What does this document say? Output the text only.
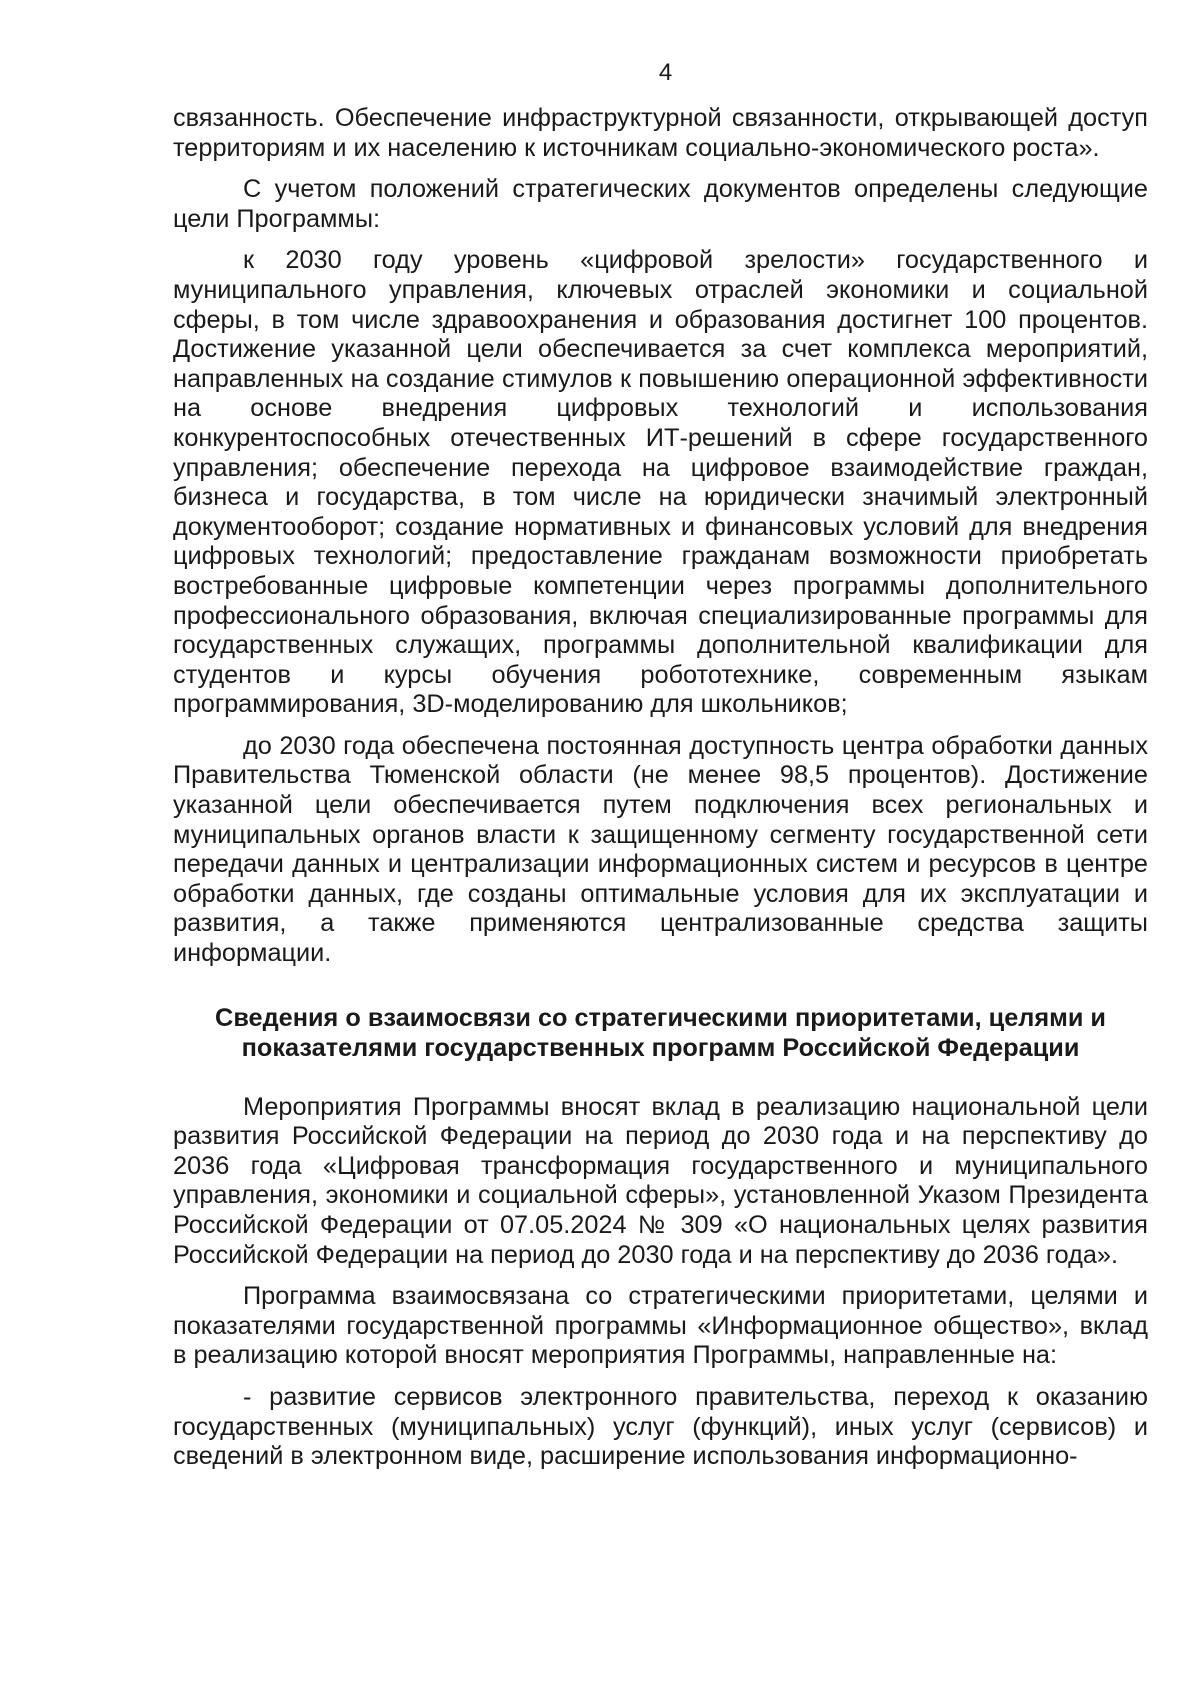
4

связанность. Обеспечение инфраструктурной связанности, открывающей доступ территориям и их населению к источникам социально-экономического роста».

С учетом положений стратегических документов определены следующие цели Программы:

к 2030 году уровень «цифровой зрелости» государственного и муниципального управления, ключевых отраслей экономики и социальной сферы, в том числе здравоохранения и образования достигнет 100 процентов. Достижение указанной цели обеспечивается за счет комплекса мероприятий, направленных на создание стимулов к повышению операционной эффективности на основе внедрения цифровых технологий и использования конкурентоспособных отечественных ИТ-решений в сфере государственного управления; обеспечение перехода на цифровое взаимодействие граждан, бизнеса и государства, в том числе на юридически значимый электронный документооборот; создание нормативных и финансовых условий для внедрения цифровых технологий; предоставление гражданам возможности приобретать востребованные цифровые компетенции через программы дополнительного профессионального образования, включая специализированные программы для государственных служащих, программы дополнительной квалификации для студентов и курсы обучения робототехнике, современным языкам программирования, 3D-моделированию для школьников;

до 2030 года обеспечена постоянная доступность центра обработки данных Правительства Тюменской области (не менее 98,5 процентов). Достижение указанной цели обеспечивается путем подключения всех региональных и муниципальных органов власти к защищенному сегменту государственной сети передачи данных и централизации информационных систем и ресурсов в центре обработки данных, где созданы оптимальные условия для их эксплуатации и развития, а также применяются централизованные средства защиты информации.

Сведения о взаимосвязи со стратегическими приоритетами, целями и
показателями государственных программ Российской Федерации

Мероприятия Программы вносят вклад в реализацию национальной цели развития Российской Федерации на период до 2030 года и на перспективу до 2036 года «Цифровая трансформация государственного и муниципального управления, экономики и социальной сферы», установленной Указом Президента Российской Федерации от 07.05.2024 № 309 «О национальных целях развития Российской Федерации на период до 2030 года и на перспективу до 2036 года».

Программа взаимосвязана со стратегическими приоритетами, целями и показателями государственной программы «Информационное общество», вклад в реализацию которой вносят мероприятия Программы, направленные на:

- развитие сервисов электронного правительства, переход к оказанию государственных (муниципальных) услуг (функций), иных услуг (сервисов) и сведений в электронном виде, расширение использования информационно-
